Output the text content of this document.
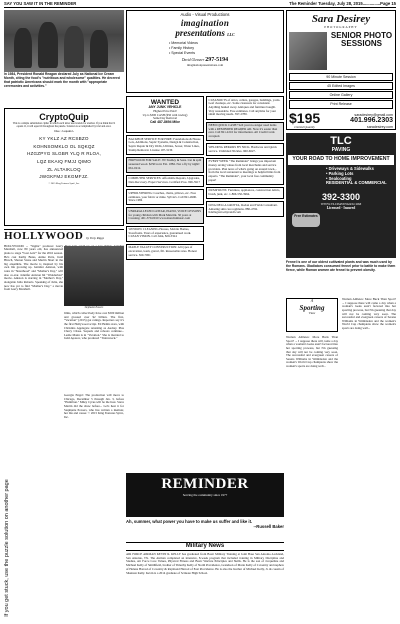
SAY YOU SAW IT IN THE REMINDER	The Reminder Tuesday, July 28, 2015...............Page 15
In 1984, President Ronald Reagan declared July as National Ice Cream Month, citing the food's "nutritious and wholesome" qualities. He decreed that patriotic Americans should mark the month with "appropriate ceremonies and activities."
CryptoQuip
This is a simple substitution cipher in which each letter used stands for another. If you think that X equals O, it will equal O throughout the puzzle. Solution is accomplished by trial and error.
Clue: J equals L
KY YKLZ AZ RCSBZO
KOHNSOMKLO OL SQKQZ
HZGZPYG SLGBR YLQ R RLOA,
LQZ EKAIQ FMJJ QIMO
ZL ALTAIKLOQ
JWGKFMJ EKGMFJZ.
© 2015 King Features Synd., Inc.
HOLLYWOOD by Tony Riggs
HOLLYWOOD -- "Sigma" producer Garry Marshall, now 80 years old, has announced plans to stage *Last Acts* for the 2016 season. He's cast Kathy Bates, Annie Potts, Judd Hirsch, Sharon Stone and Martin Short in the big ensemble. The movie is inspired by his own life growing up. Jennifer Aniston, with roles in "Sisterhood" and "Mother's Day," will also co-star. Jennifer Aniston hit "Wanderlust" movie. Aniston is starring in "Mother's Day," alongside Julia Roberts. Speaking of Julia, she now has yet to find "Mother's Day," a movie from Garry Marshall.
Stephanie Powers
films, which collectively have cost $500 million and grossed over $2 billion. The first, "Vacation" (2015) got ratings. Reporters say it's the first Hollywood script. Ed Helms stars, with Christina Applegate returning as Audrey. Plus Chevy Chase. Sequels and reboots continue... Leslie Mann is in "Vacation." She is married to Judd Apatow, who produced "Trainwreck."
Georgia Engel: The production will move to Chicago, December 5 through Jan. 3, before "Hamilton." Miley Cyrus will be the host. Steve Martin did the show before... Let's hear it for Stephanie Powers, who has written a memoir, her life and career. © 2015 King Features Synd., Inc.
If you get stuck, use the puzzle solution on another page
Audio - Visual Productions
imagination
presentations LLC
• Memorial Videos
• Family History
• Special Events
David Glessner 297-5194
imaginationpresentations.com
WANTED
ANY JUNK VEHICLE
Highest Price Paid!
Up to $300 CASH ($50 with towing)
Same Day Removal
Call 487-8694 Mike
BACKHOE SERVICE FOR HIRE: Foundations & House Lots, Additions, Septic Systems, Design & Construction, Septic Repair & Dry Wells, Utilities, Sewer, Water Lines, Stump Removal. License 197-3136
FIREWOOD FOR SALE: JW Studley & Sons. Cut & split seasoned wood. $250/cord. Ext. 1882. Not a fly by night! 661-0212.
COMPUTER SERVICES: Affordable Repairs, Upgrades, Data Recovery. Expert Services. Certified Pros. 996-5917
UPHOLSTERING: Couches, chairs, pillows, etc. Free estimates, your fabric or mine. Sylvia's. Call 821-4990. Since 1984
UNPARALLELED GUITAR, PIANO, VOICE LESSONS for young children with Mark Mancini. 30 years at Crossing. 401-370-0910 www.mancinimusic.com
WINDOW CLEANING Houses, Mobile Homes, Storefronts. Years of experience, guaranteed work. CLEAN VISION. Call John, 829-3324
MAPLE VALLEY CONSTRUCTION: All types of excavation, loam, gravel, fill. Reasonable rates. Honest service. 569-7001
CLEANOUTS of attics, cellars, garages, buildings, yards. Leaf cleanups, etc. Some cleanouts for consistent. Anything hauled away. Antiques and furniture bought. Very reasonable. Free estimates. Call anytime for your small moving needs. 397-2780.
NEED QUICK CASH? Sell your no-longer used items with a REMINDER READER AD. Now it's easier than ever. Call 821-2216 for information. All Credit Cards accepted.
WELDING REPAIRS BY NICK. Hardware and Quick service. Unlimited Nickles. 960-6627.
EVERY WEEK "The Reminder" brings you important money saving values from local merchants and service providers. Plan news of what's going on around town... from the local restaurant to meetings to helpful hints from experts. "The Reminder", your local free community paper!
DUMP RUNS: Furniture, appliances, construction debris, brush, junk, etc. 1-866-550-3964.
LINA DELLA GROTTA, Rodan and Fields Consultant. Amazing skin care regimens. 880-4792. lidellagrotta.myrandf.com
REMINDER
Serving the community since 1977
Ah, summer, what power you have to make us suffer and like it.
--Russell Baker
Military News
AIR FORCE AIRMAN KEVIN R. KELLY has graduated from Basic Military Training at Joint Base San Antonio-Lackland, San Antonio, TX. The Airman completed an intensive, 8-week program that included training in Military Discipline and Studies, Air Force Core Values, Physical Fitness and Basic Warfare Principles and Skills. He is the son of Jacqueline and Michael Kelly of Smithfield, brother of Timothy Kelly of North Providence, Grandson of Marie Kelly of Coventry and nephew of Helena Harrod of Coventry & Raymond Harrod of East Providence. He is also the brother of Michael Kelly, Jr. & cousin of Shannon Kelly. Kevin is a 2014 graduate of Scituate High School.
Sara Desirey
PHOTOGRAPHY
SENIOR PHOTO SESSIONS
90 Minute Session
45 Edited Images
Online Gallery
Print Release
$195
Limited Quantity
saradesirey@gmail.com
401.996.2303
saradesirey.com
TLC
PAVING
YOUR ROAD TO HOME IMPROVEMENT
• Driveways & Sidewalks
• Parking Lots
• Sealcoating
RESIDENTIAL & COMMERCIAL
Free Estimates
392-3300
WWW.TLCPAVINGRI.COM
Licensed - Insured
Fennel is one of our oldest cultivated plants and was much used by the Romans. Gladiators consumed fennel prior to battle to make them fierce, while Roman women ate fennel to prevent obesity.
A
Sporting
View
Women Athletes: More Buck Than Sport? ... I suppose there will come a day when a woman's looks aren't factored into her sporting prowess, but I'm guessing that day will not be coming very soon. The successful and evergreen careers of Serena Williams in Wimbledon and the women's World Cup champions show the women's sports are doing well...
Women Athletes: More Buck Than Sport? ... I suppose there will come a day when a woman's looks aren't factored into her sporting prowess, but I'm guessing that day will not be coming very soon. The successful and evergreen careers of Serena Williams in Wimbledon and the women's World Cup champions show the women's sports are doing well...
